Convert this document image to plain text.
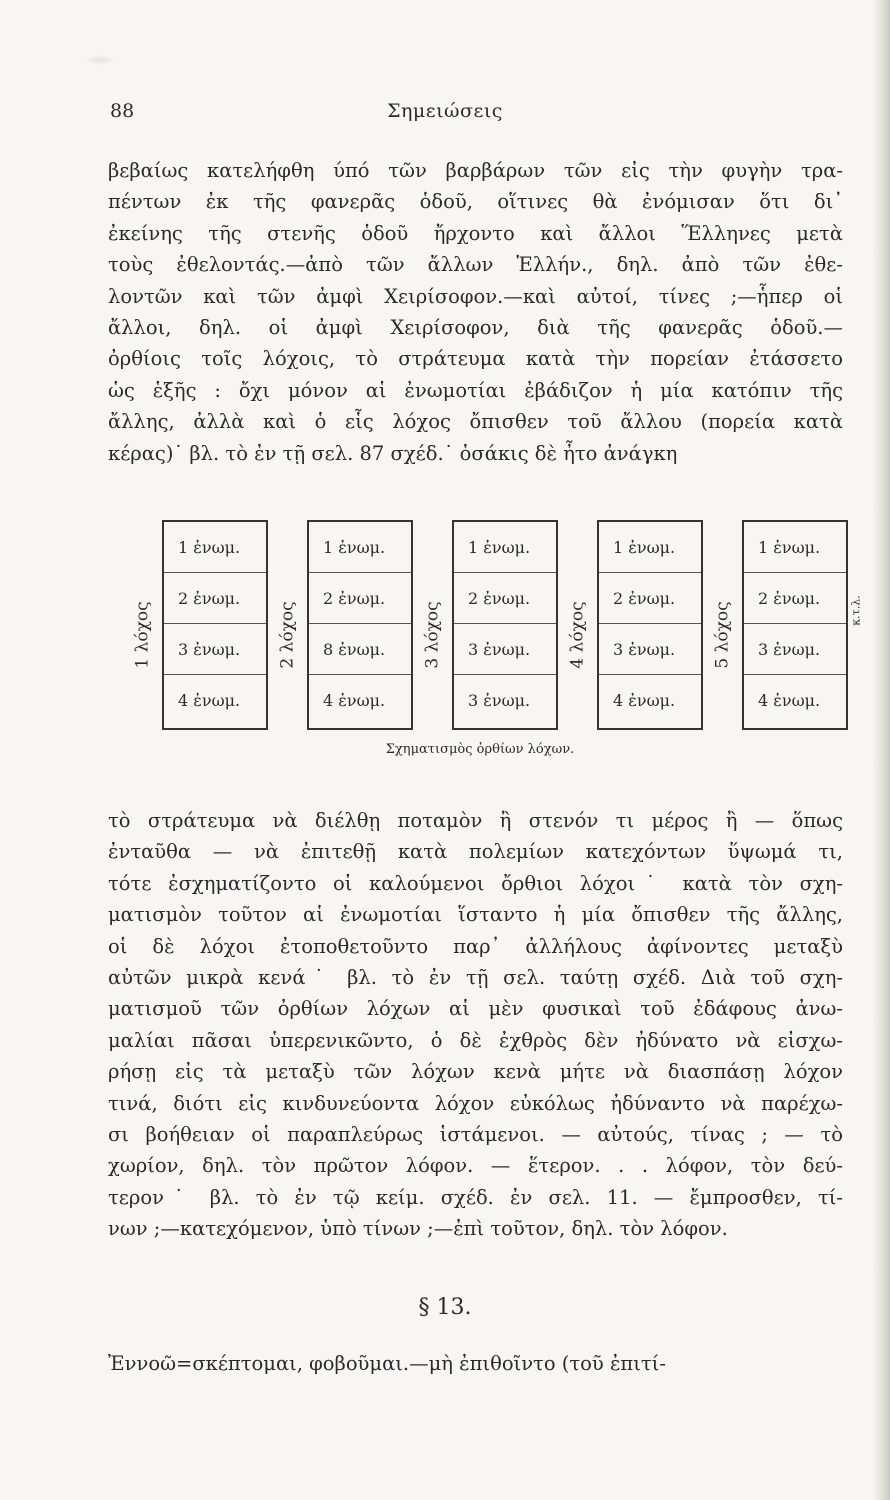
Σημειώσεις
88
βεβαίως κατελήφθη ύπό τῶν βαρβάρων τῶν εἰς τὴν φυγὴν τρα-
πέντων ἐκ τῆς φανερᾶς ὁδοῦ, οἵτινες θὰ ἐνόμισαν ὅτι δι᾽
ἐκείνης τῆς στενῆς ὁδοῦ ἤρχοντο καὶ ἄλλοι Ἕλληνες μετὰ
τοὺς ἐθελοντάς.—ἀπὸ τῶν ἄλλων Ἑλλήν., δηλ. ἀπὸ τῶν ἐθε-
λοντῶν καὶ τῶν ἀμφὶ Χειρίσοφον.—καὶ αὐτοί, τίνες ;—ἧπερ οἱ
ἄλλοι, δηλ. οἱ ἀμφὶ Χειρίσοφον, διὰ τῆς φανερᾶς ὁδοῦ.—
ὀρθίοις τοῖς λόχοις, τὸ στράτευμα κατὰ τὴν πορείαν ἐτάσσετο
ὡς ἑξῆς : ὄχι μόνον αἱ ἐνωμοτίαι ἐβάδιζον ἡ μία κατόπιν τῆς
ἄλλης, ἀλλὰ καὶ ὁ εἷς λόχος ὄπισθεν τοῦ ἄλλου (πορεία κατὰ
κέρας)˙ βλ. τὸ ἐν τῇ σελ. 87 σχέδ.˙ ὁσάκις δὲ ἦτο ἀνάγκη
Σχηματισμὸς ὀρθίων λόχων.
1 λόχος
1 ἐνωμ.
2 ἐνωμ.
3 ἐνωμ.
4 ἐνωμ.
2 λόχος
1 ἐνωμ.
2 ἐνωμ.
8 ἐνωμ.
4 ἐνωμ.
3 λόχος
1 ἐνωμ.
2 ἐνωμ.
3 ἐνωμ.
3 ἐνωμ.
4 λόχος
1 ἐνωμ.
2 ἐνωμ.
3 ἐνωμ.
4 ἐνωμ.
5 λόχος
1 ἐνωμ.
2 ἐνωμ.
3 ἐνωμ.
4 ἐνωμ.
κ.τ.λ.
τὸ στράτευμα νὰ διέλθῃ ποταμὸν ἢ στενόν τι μέρος ἢ — ὅπως
ἐνταῦθα — νὰ ἐπιτεθῇ κατὰ πολεμίων κατεχόντων ὕψωμά τι,
τότε ἐσχηματίζοντο οἱ καλούμενοι ὄρθιοι λόχοι˙ κατὰ τὸν σχη-
ματισμὸν τοῦτον αἱ ἐνωμοτίαι ἵσταντο ἡ μία ὄπισθεν τῆς ἄλλης,
οἱ δὲ λόχοι ἐτοποθετοῦντο παρ᾽ ἀλλήλους ἀφίνοντες μεταξὺ
αὐτῶν μικρὰ κενά˙ βλ. τὸ ἐν τῇ σελ. ταύτῃ σχέδ. Διὰ τοῦ σχη-
ματισμοῦ τῶν ὀρθίων λόχων αἱ μὲν φυσικαὶ τοῦ ἐδάφους ἀνω-
μαλίαι πᾶσαι ὑπερενικῶντο, ὁ δὲ ἐχθρὸς δὲν ἠδύνατο νὰ εἰσχω-
ρήσῃ εἰς τὰ μεταξὺ τῶν λόχων κενὰ μήτε νὰ διασπάσῃ λόχον
τινά, διότι εἰς κινδυνεύοντα λόχον εὐκόλως ἠδύναντο νὰ παρέχω-
σι βοήθειαν οἱ παραπλεύρως ἱστάμενοι. — αὐτούς, τίνας ; — τὸ
χωρίον, δηλ. τὸν πρῶτον λόφον. — ἕτερον. . . λόφον, τὸν δεύ-
τερον˙ βλ. τὸ ἐν τῷ κείμ. σχέδ. ἐν σελ. 11. — ἔμπροσθεν, τί-
νων ;—κατεχόμενον, ὑπὸ τίνων ;—ἐπὶ τοῦτον, δηλ. τὸν λόφον.
§ 13.
Ἐννοῶ=σκέπτομαι, φοβοῦμαι.—μὴ ἐπιθοῖντο (τοῦ ἐπιτί-
